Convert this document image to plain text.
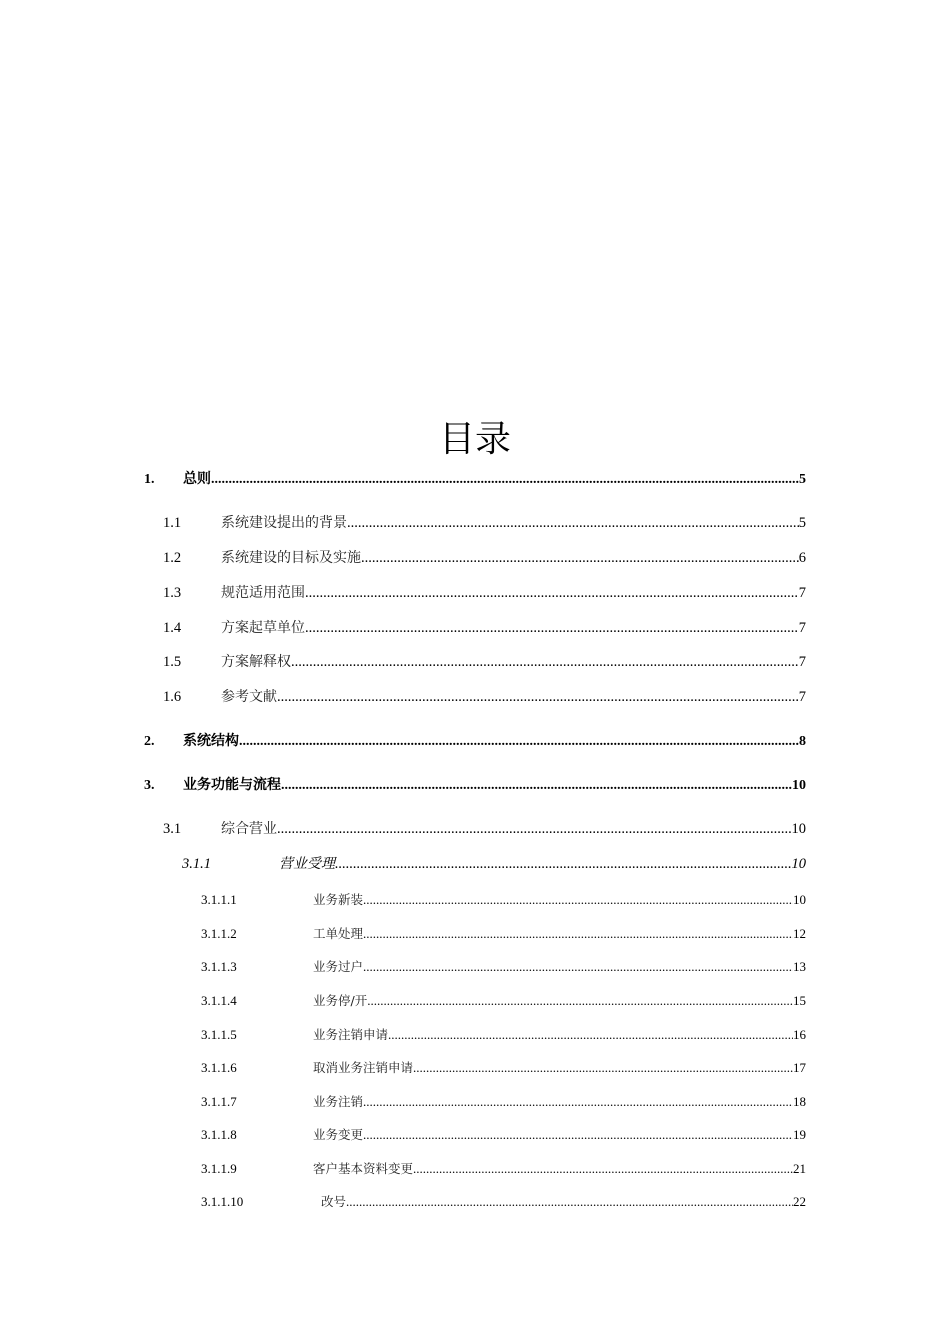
目录
1. 总则 .....	5
1.1	系统建设提出的背景 .....	5
1.2	系统建设的目标及实施 .....	6
1.3	规范适用范围 .....	7
1.4	方案起草单位 .....	7
1.5	方案解释权 .....	7
1.6	参考文献 .....	7
2. 系统结构 .....	8
3. 业务功能与流程 .....	10
3.1	综合营业 .....	10
3.1.1	营业受理 .....	10
3.1.1.1	业务新装 .....	10
3.1.1.2	工单处理 .....	12
3.1.1.3	业务过户 .....	13
3.1.1.4	业务停/开 .....	15
3.1.1.5	业务注销申请 .....	16
3.1.1.6	取消业务注销申请 .....	17
3.1.1.7	业务注销 .....	18
3.1.1.8	业务变更 .....	19
3.1.1.9	客户基本资料变更 .....	21
3.1.1.10	改号 .....	22
